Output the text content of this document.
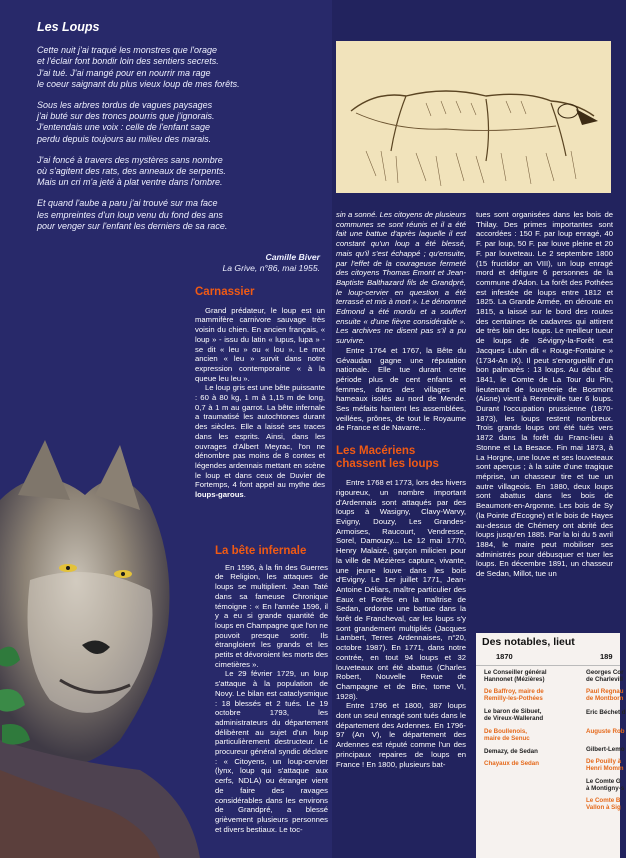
Les Loups
Cette nuit j'ai traqué les monstres que l'orage
et l'éclair font bondir loin des sentiers secrets.
J'ai tué. J'ai mangé pour en nourrir ma rage
le coeur saignant du plus vieux loup de mes forêts.
Sous les arbres tordus de vagues paysages
j'ai buté sur des troncs pourris que j'ignorais.
J'entendais une voix : celle de l'enfant sage
perdu depuis toujours au milieu des marais.
J'ai foncé à travers des mystères sans nombre
où s'agitent des rats, des anneaux de serpents.
Mais un cri m'a jeté à plat ventre dans l'ombre.
Et quand l'aube a paru j'ai trouvé sur ma face
les empreintes d'un loup venu du fond des ans
pour venger sur l'enfant les derniers de sa race.
Camille Biver
La Grive, n°86, mai 1955.
Carnassier

Grand prédateur, le loup est un mammifère carnivore sauvage très voisin du chien. En ancien français, « loup » - issu du latin « lupus, lupa » - se dit « leu » ou « lou ». Le mot ancien « leu » survit dans notre expression contemporaine « à la queue leu leu ».

Le loup gris est une bête puissante : 60 à 80 kg, 1 m à 1,15 m de long, 0,7 à 1 m au garrot. La bête infernale a traumatisé les autochtones durant des siècles. Elle a laissé ses traces dans les esprits. Ainsi, dans les ouvrages d'Albert Meyrac, l'on ne dénombre pas moins de 8 contes et légendes ardennais mettant en scène le loup et dans ceux de Duvier de Fortemps, 4 font appel au mythe des loups-garous.

La bête infernale

En 1596, à la fin des Guerres de Religion, les attaques de loups se multiplient. Jean Taté dans sa fameuse Chronique témoigne : « En l'année 1596, il y a eu si grande quantité de loups en Champagne que l'on ne pouvoit presque sortir. Ils étrangloient les grands et les petits et dévoroient les morts des cimetières ».

Le 29 février 1729, un loup s'attaque à la population de Novy. Le bilan est cataclysmique : 18 blessés et 2 tués. Le 19 octobre 1793, les administrateurs du département délibèrent au sujet d'un loup particulièrement destructeur. Le procureur général syndic déclare : « Citoyens, un loup-cervier (lynx, loup qui s'attaque aux cerfs, NDLA) ou étranger vient de faire des ravages considérables dans les environs de Grandpré, a blessé grièvement plusieurs personnes et divers bestiaux. Le toc-

sin a sonné. Les citoyens de plusieurs communes se sont réunis et il a été fait une battue d'après laquelle il est constant qu'un loup a été blessé, mais qu'il s'est échappé ; qu'ensuite, par l'effet de la courageuse fermeté des citoyens Thomas Emont et Jean-Baptiste Balthazard fils de Grandpré, le loup-cervier en question a été terrassé et mis à mort ». Le dénommé Edmond a été mordu et a souffert ensuite « d'une fièvre considérable ». Les archives ne disent pas s'il a pu survivre.

Entre 1764 et 1767, la Bête du Gévaudan gagne une réputation nationale. Elle tue durant cette période plus de cent enfants et femmes, dans des villages et hameaux isolés au nord de Mende. Ses méfaits hantent les assemblées, veillées, prônes, de tout le Royaume de France et de Navarre...

Les Macériens chassent les loups

Entre 1768 et 1773, lors des hivers rigoureux, un nombre important d'Ardennais sont attaqués par des loups à Wasigny, Clavy-Warvy, Evigny, Douzy, Les Grandes-Armoises, Raucourt, Vendresse, Sorel, Damouzy... Le 12 mai 1770, Henry Malaizé, garçon milicien pour la ville de Mézières capture, vivante, une jeune louve dans les bois d'Evigny. Le 1er juillet 1771, Jean-Antoine Déliars, maître particulier des Eaux et Forêts en la maîtrise de Sedan, ordonne une battue dans la forêt de Francheval, car les loups s'y sont grandement multipliés (Jacques Lambert, Terres Ardennaises, n°20, octobre 1987). En 1771, dans notre contrée, en tout 94 loups et 32 louveteaux ont été abattus (Charles Robert, Nouvelle Revue de Champagne et de Brie, tome VI, 1928).

Entre 1796 et 1800, 387 loups dont un seul enragé sont tués dans le département des Ardennes. En 1796-97 (An V), le département des Ardennes est réputé comme l'un des principaux repaires de loups en France ! En 1800, plusieurs bat-

tues sont organisées dans les bois de Thilay. Des primes importantes sont accordées : 150 F. par loup enragé, 40 F. par loup, 50 F. par louve pleine et 20 F. par louveteau. Le 2 septembre 1800 (15 fructidor an VIII), un loup enragé mord et défigure 6 personnes de la commune d'Adon. La forêt des Pothées est infestée de loups entre 1812 et 1825. La Grande Armée, en déroute en 1815, a laissé sur le bord des routes des centaines de cadavres qui attirent de très loin des loups. Le meilleur tueur de loups de Sévigny-la-Forêt est Jacques Lubin dit « Rouge-Fontaine » (1734-An IX). Il peut s'enorgueillir d'un bon palmarès : 13 loups. Au début de 1841, le Comte de La Tour du Pin, lieutenant de louveterie de Bosmont (Aisne) vient à Renneville tuer 6 loups. Durant l'occupation prussienne (1870-1873), les loups restent nombreux. Trois grands loups ont été tués vers 1872 dans la forêt du Franc-lieu à Stonne et La Besace. Fin mai 1873, à La Horgne, une louve et ses louveteaux sont aperçus ; à la suite d'une tragique méprise, un chasseur tire et tue un autre villageois. En 1880, deux loups sont abattus dans les bois de Beaumont-en-Argonne. Les bois de Sy (la Pointe d'Ecogne) et le bois de Hayes au-dessus de Chémery ont abrité des loups jusqu'en 1885. Par la loi du 5 avril 1884, le maire peut mobiliser ses administrés pour débusquer et tuer les loups. En décembre 1891, un chasseur de Sedan, Millot, tue un

Des notables, lieut
1870	189
Le Conseiller général
Hannonet (Mézières)
De Baffroy, maire de
Remilly-les-Pothées
Le baron de Sibuet,
de Vireux-Wallerand
De Boullenois,
maire de Senuc
Demazy, de Sedan
Chayaux de Sedan
Georges Cor
de Charlevill
Paul Regnau
de Montborn
Eric Béchet d
Auguste Rob
Gilbert-Lemo
De Pouilly à
Henri Momm
Le Comte G
à Montigny-s
Le Comte B
Vallon à Sig
